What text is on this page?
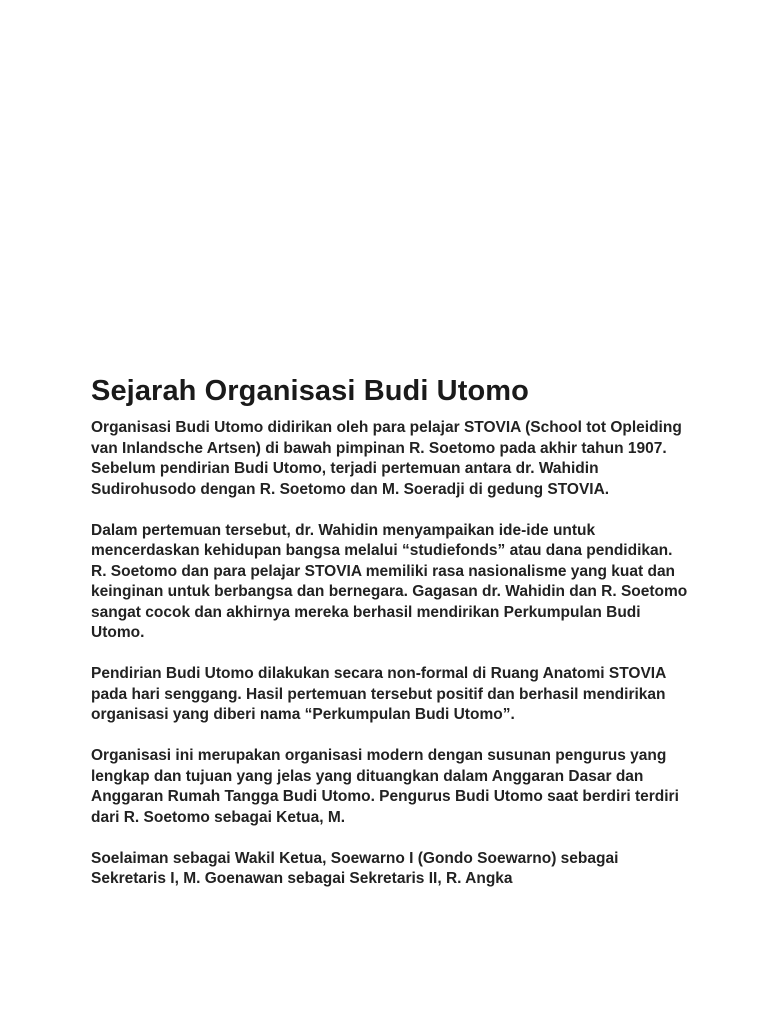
Sejarah Organisasi Budi Utomo

Organisasi Budi Utomo didirikan oleh para pelajar STOVIA (School tot Opleiding van Inlandsche Artsen) di bawah pimpinan R. Soetomo pada akhir tahun 1907. Sebelum pendirian Budi Utomo, terjadi pertemuan antara dr. Wahidin Sudirohusodo dengan R. Soetomo dan M. Soeradji di gedung STOVIA.

Dalam pertemuan tersebut, dr. Wahidin menyampaikan ide-ide untuk mencerdaskan kehidupan bangsa melalui “studiefonds” atau dana pendidikan. R. Soetomo dan para pelajar STOVIA memiliki rasa nasionalisme yang kuat dan keinginan untuk berbangsa dan bernegara. Gagasan dr. Wahidin dan R. Soetomo sangat cocok dan akhirnya mereka berhasil mendirikan Perkumpulan Budi Utomo.

Pendirian Budi Utomo dilakukan secara non-formal di Ruang Anatomi STOVIA pada hari senggang. Hasil pertemuan tersebut positif dan berhasil mendirikan organisasi yang diberi nama “Perkumpulan Budi Utomo”.

Organisasi ini merupakan organisasi modern dengan susunan pengurus yang lengkap dan tujuan yang jelas yang dituangkan dalam Anggaran Dasar dan Anggaran Rumah Tangga Budi Utomo. Pengurus Budi Utomo saat berdiri terdiri dari R. Soetomo sebagai Ketua, M.

Soelaiman sebagai Wakil Ketua, Soewarno I (Gondo Soewarno) sebagai Sekretaris I, M. Goenawan sebagai Sekretaris II, R. Angka
